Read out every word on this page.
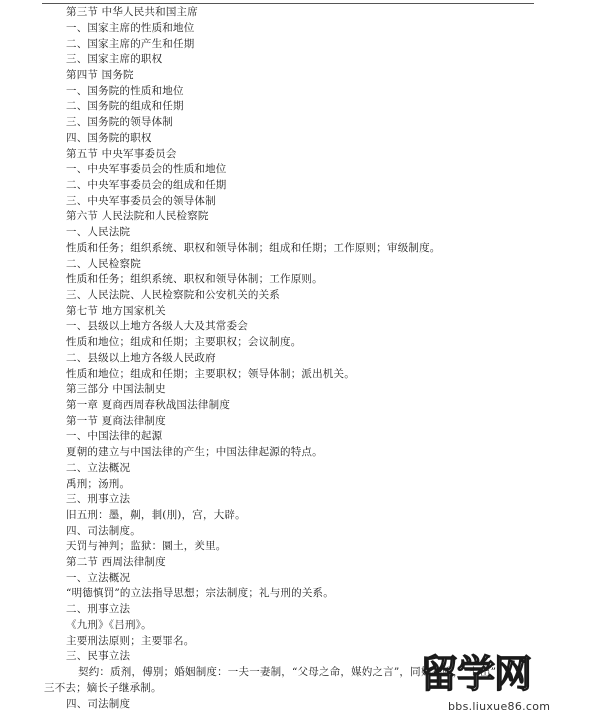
第三节 中华人民共和国主席
一、国家主席的性质和地位
二、国家主席的产生和任期
三、国家主席的职权
第四节 国务院
一、国务院的性质和地位
二、国务院的组成和任期
三、国务院的领导体制
四、国务院的职权
第五节 中央军事委员会
一、中央军事委员会的性质和地位
二、中央军事委员会的组成和任期
三、中央军事委员会的领导体制
第六节 人民法院和人民检察院
一、人民法院
性质和任务；组织系统、职权和领导体制；组成和任期；工作原则；审级制度。
二、人民检察院
性质和任务；组织系统、职权和领导体制；工作原则。
三、人民法院、人民检察院和公安机关的关系
第七节 地方国家机关
一、县级以上地方各级人大及其常委会
性质和地位；组成和任期；主要职权；会议制度。
二、县级以上地方各级人民政府
性质和地位；组成和任期；主要职权；领导体制；派出机关。
第三部分 中国法制史
第一章 夏商西周春秋战国法律制度
第一节 夏商法律制度
一、中国法律的起源
夏朝的建立与中国法律的产生；中国法律起源的特点。
二、立法概况
禹刑；汤刑。
三、刑事立法
旧五刑：墨，劓，剕(刖)，宫，大辟。
四、司法制度。
天罚与神判；监狱：圜土，羑里。
第二节 西周法律制度
一、立法概况
“明德慎罚”的立法指导思想；宗法制度；礼与刑的关系。
二、刑事立法
《九刑》《吕刑》。
主要刑法原则；主要罪名。
三、民事立法
契约：质剂，傅别；婚姻制度：一夫一妻制，“父母之命，媒妁之言”，同姓不婚，“七出”，
三不去；嫡长子继承制。
四、司法制度
留学网
bbs.liuxue86.com
